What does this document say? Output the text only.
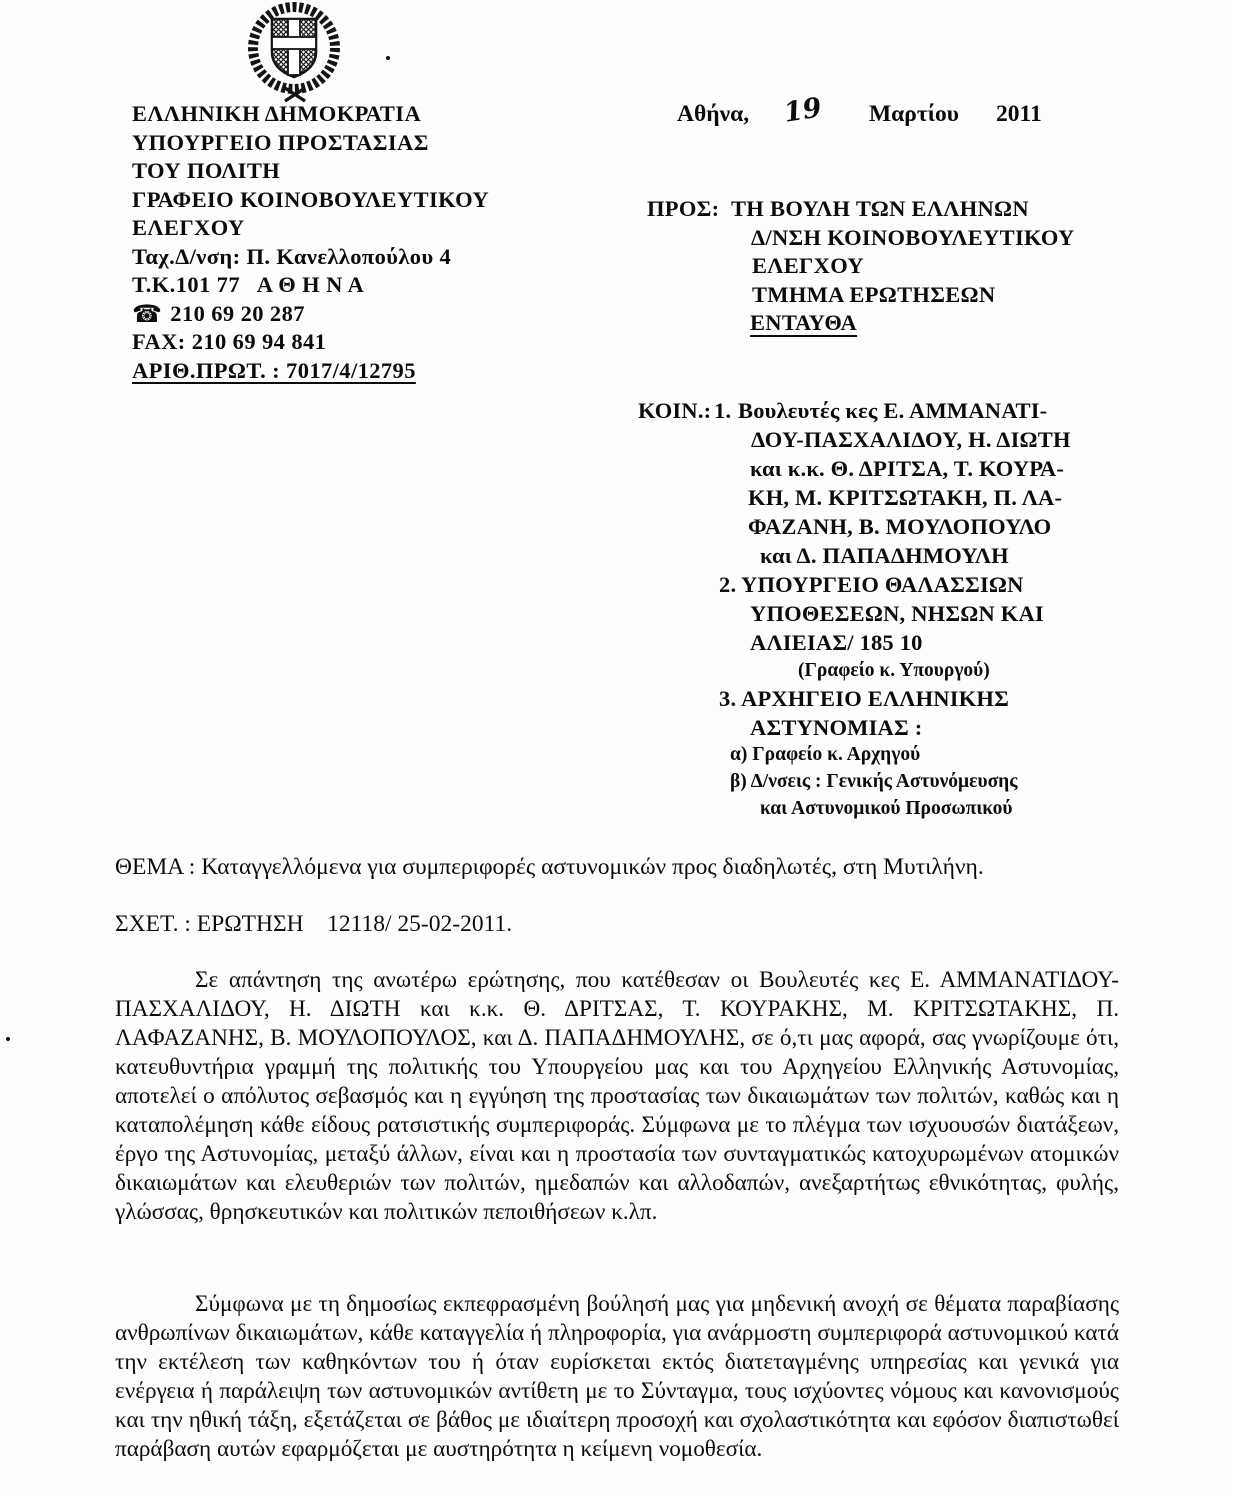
ΕΛΛΗΝΙΚΗ ΔΗΜΟΚΡΑΤΙΑ
ΥΠΟΥΡΓΕΙΟ ΠΡΟΣΤΑΣΙΑΣ
ΤΟΥ ΠΟΛΙΤΗ
ΓΡΑΦΕΙΟ ΚΟΙΝΟΒΟΥΛΕΥΤΙΚΟΥ
ΕΛΕΓΧΟΥ
Ταχ.Δ/νση: Π. Κανελλοπούλου 4
Τ.Κ.101 77   Α Θ Η Ν Α
☎ 210 69 20 287
FAX: 210 69 94 841
ΑΡΙΘ.ΠΡΩΤ. : 7017/4/12795
Αθήνα, 19 Μαρτίου 2011
ΠΡΟΣ: ΤΗ ΒΟΥΛΗ ΤΩΝ ΕΛΛΗΝΩΝ
Δ/ΝΣΗ ΚΟΙΝΟΒΟΥΛΕΥΤΙΚΟΥ
ΕΛΕΓΧΟΥ
ΤΜΗΜΑ ΕΡΩΤΗΣΕΩΝ
ΕΝΤΑΥΘΑ
ΚΟΙΝ.: 1. Βουλευτές κες Ε. ΑΜΜΑΝΑΤΙ-
ΔΟΥ-ΠΑΣΧΑΛΙΔΟΥ, Η. ΔΙΩΤΗ
και κ.κ. Θ. ΔΡΙΤΣΑ, Τ. ΚΟΥΡΑ-
ΚΗ, Μ. ΚΡΙΤΣΩΤΑΚΗ, Π. ΛΑ-
ΦΑΖΑΝΗ, Β. ΜΟΥΛΟΠΟΥΛΟ
και Δ. ΠΑΠΑΔΗΜΟΥΛΗ
2. ΥΠΟΥΡΓΕΙΟ ΘΑΛΑΣΣΙΩΝ
ΥΠΟΘΕΣΕΩΝ, ΝΗΣΩΝ ΚΑΙ
ΑΛΙΕΙΑΣ/ 185 10
(Γραφείο κ. Υπουργού)
3. ΑΡΧΗΓΕΙΟ ΕΛΛΗΝΙΚΗΣ
ΑΣΤΥΝΟΜΙΑΣ :
α) Γραφείο κ. Αρχηγού
β) Δ/νσεις : Γενικής Αστυνόμευσης
και Αστυνομικού Προσωπικού
ΘΕΜΑ : Καταγγελλόμενα για συμπεριφορές αστυνομικών προς διαδηλωτές, στη Μυτιλήνη.
ΣΧΕΤ. : ΕΡΩΤΗΣΗ    12118/ 25-02-2011.
Σε απάντηση της ανωτέρω ερώτησης, που κατέθεσαν οι Βουλευτές κες Ε. ΑΜΜΑΝΑΤΙΔΟΥ-ΠΑΣΧΑΛΙΔΟΥ, Η. ΔΙΩΤΗ και κ.κ. Θ. ΔΡΙΤΣΑΣ, Τ. ΚΟΥΡΑΚΗΣ, Μ. ΚΡΙΤΣΩΤΑΚΗΣ, Π. ΛΑΦΑΖΑΝΗΣ, Β. ΜΟΥΛΟΠΟΥΛΟΣ, και Δ. ΠΑΠΑΔΗΜΟΥΛΗΣ, σε ό,τι μας αφορά, σας γνωρίζουμε ότι, κατευθυντήρια γραμμή της πολιτικής του Υπουργείου μας και του Αρχηγείου Ελληνικής Αστυνομίας, αποτελεί ο απόλυτος σεβασμός και η εγγύηση της προστασίας των δικαιωμάτων των πολιτών, καθώς και η καταπολέμηση κάθε είδους ρατσιστικής συμπεριφοράς. Σύμφωνα με το πλέγμα των ισχυουσών διατάξεων, έργο της Αστυνομίας, μεταξύ άλλων, είναι και η προστασία των συνταγματικώς κατοχυρωμένων ατομικών δικαιωμάτων και ελευθεριών των πολιτών, ημεδαπών και αλλοδαπών, ανεξαρτήτως εθνικότητας, φυλής, γλώσσας, θρησκευτικών και πολιτικών πεποιθήσεων κ.λπ.
Σύμφωνα με τη δημοσίως εκπεφρασμένη βούλησή μας για μηδενική ανοχή σε θέματα παραβίασης ανθρωπίνων δικαιωμάτων, κάθε καταγγελία ή πληροφορία, για ανάρμοστη συμπεριφορά αστυνομικού κατά την εκτέλεση των καθηκόντων του ή όταν ευρίσκεται εκτός διατεταγμένης υπηρεσίας και γενικά για ενέργεια ή παράλειψη των αστυνομικών αντίθετη με το Σύνταγμα, τους ισχύοντες νόμους και κανονισμούς και την ηθική τάξη, εξετάζεται σε βάθος με ιδιαίτερη προσοχή και σχολαστικότητα και εφόσον διαπιστωθεί παράβαση αυτών εφαρμόζεται με αυστηρότητα η κείμενη νομοθεσία.
